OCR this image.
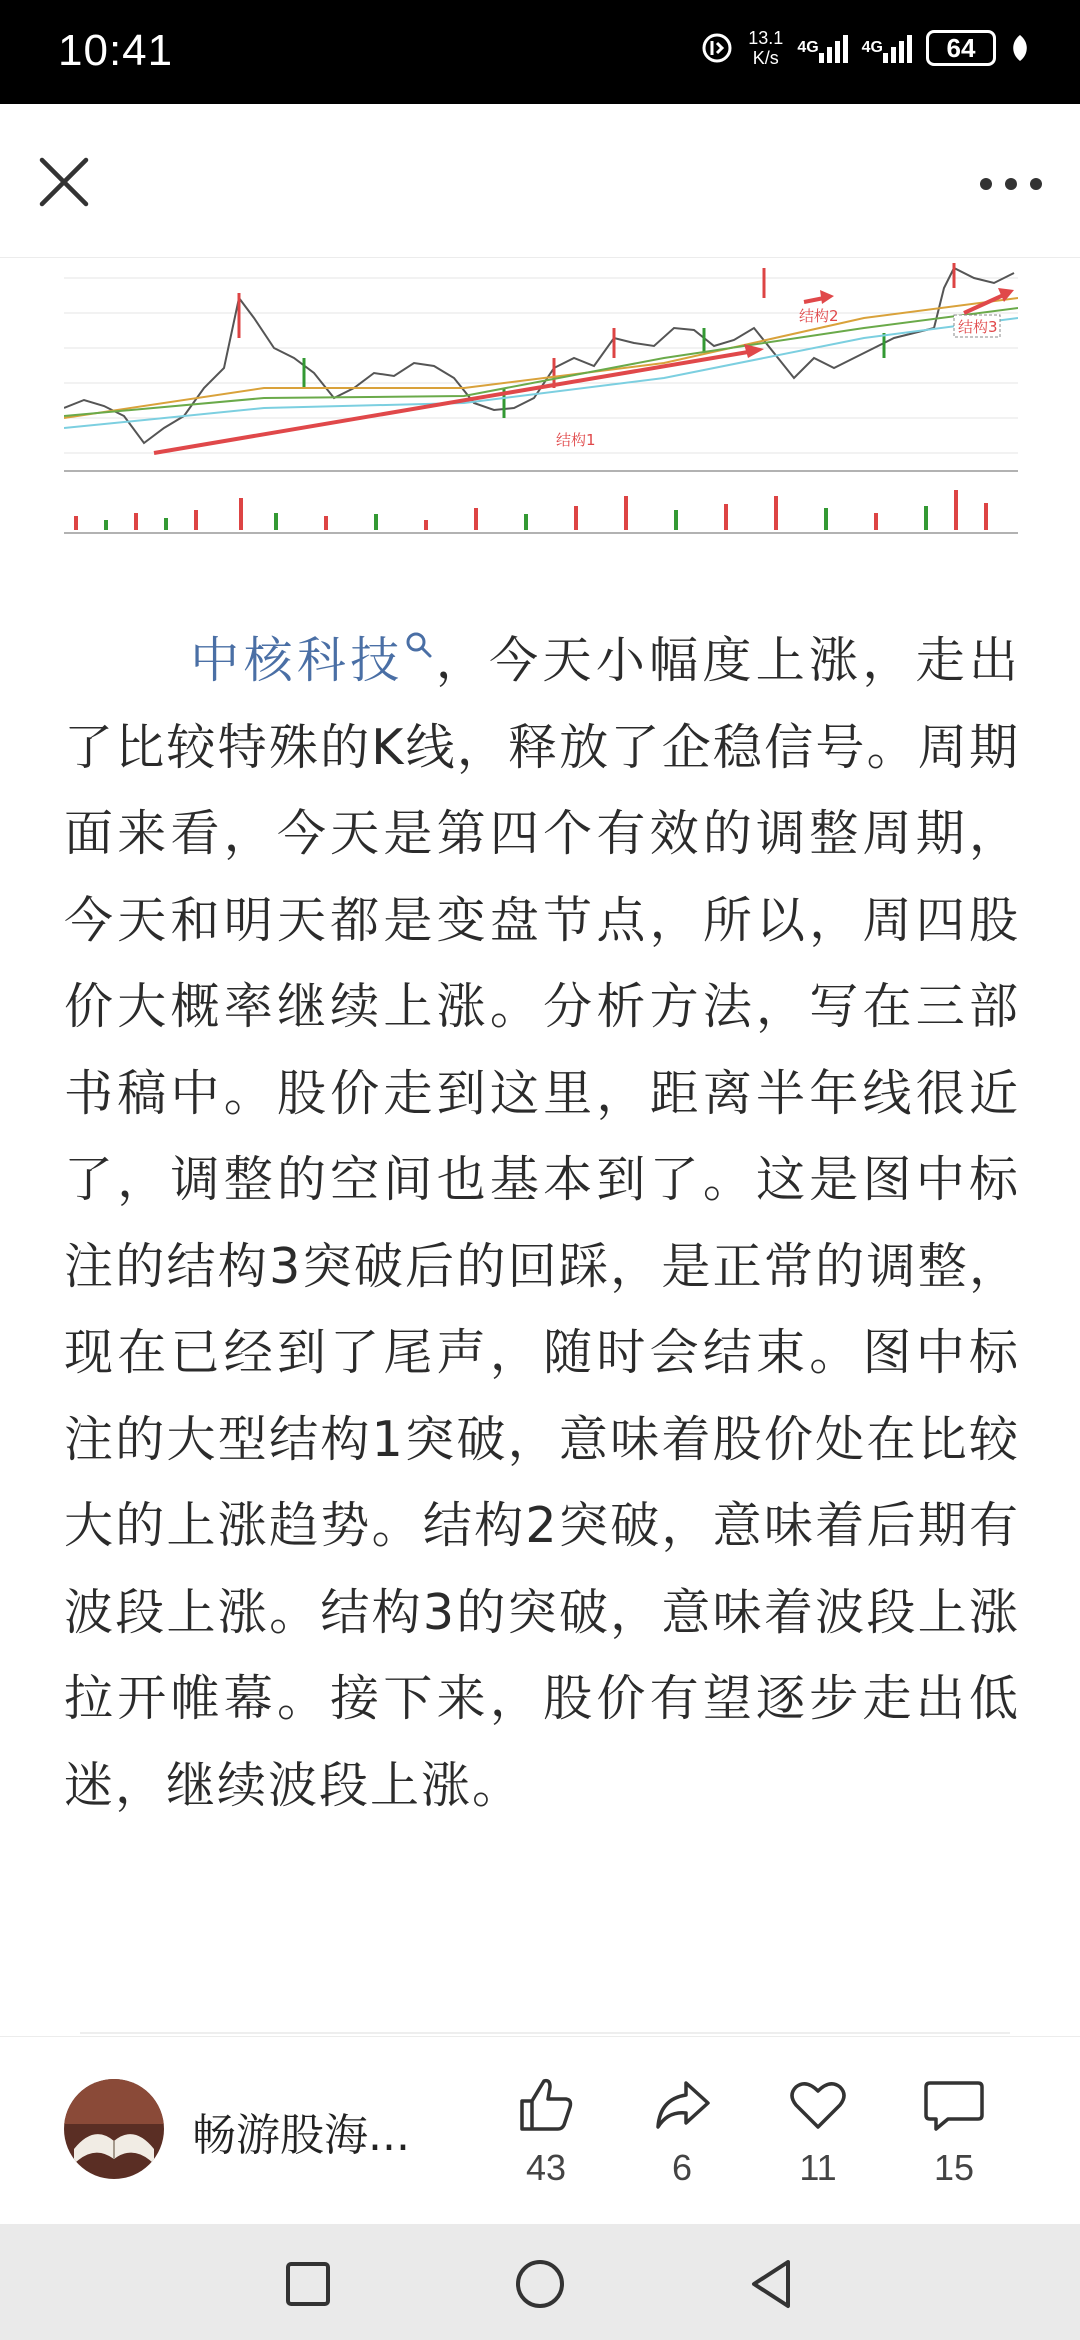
10:41	13.1
K/s
4G	4G	64
结构1
结构2
结构3
中核科技 ，今天小幅度上涨，走出了比较特殊的K线，释放了企稳信号。周期面来看，今天是第四个有效的调整周期，今天和明天都是变盘节点，所以，周四股价大概率继续上涨。分析方法，写在三部书稿中。股价走到这里，距离半年线很近了，调整的空间也基本到了。这是图中标注的结构3突破后的回踩，是正常的调整，现在已经到了尾声，随时会结束。图中标注的大型结构1突破，意味着股价处在比较大的上涨趋势。结构2突破，意味着后期有波段上涨。结构3的突破，意味着波段上涨拉开帷幕。接下来，股价有望逐步走出低迷，继续波段上涨。
畅游股海...
43	6	11	15
